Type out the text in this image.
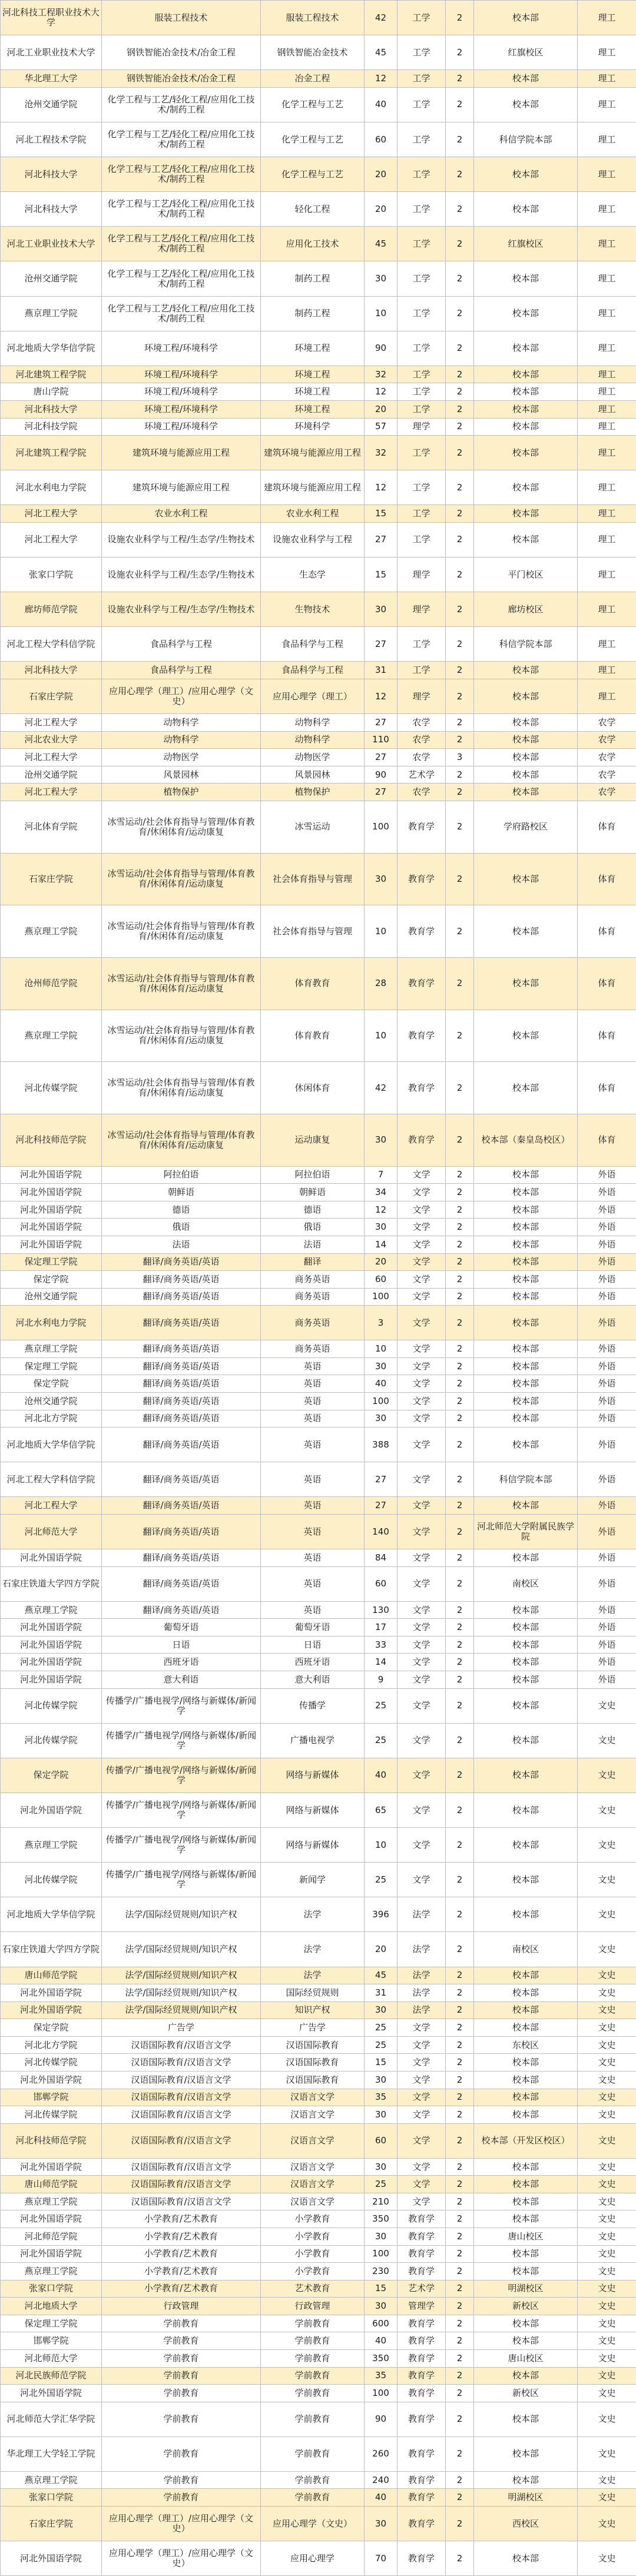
河北科技工程职业技术大学	服装工程技术	服装工程技术	42	工学	2	校本部	理工
河北工业职业技术大学	钢铁智能冶金技术/冶金工程	钢铁智能冶金技术	45	工学	2	红旗校区	理工
华北理工大学	钢铁智能冶金技术/冶金工程	冶金工程	12	工学	2	校本部	理工
沧州交通学院	化学工程与工艺/轻化工程/应用化工技术/制药工程	化学工程与工艺	40	工学	2	校本部	理工
河北工程技术学院	化学工程与工艺/轻化工程/应用化工技术/制药工程	化学工程与工艺	60	工学	2	科信学院本部	理工
河北科技大学	化学工程与工艺/轻化工程/应用化工技术/制药工程	化学工程与工艺	20	工学	2	校本部	理工
河北科技大学	化学工程与工艺/轻化工程/应用化工技术/制药工程	轻化工程	20	工学	2	校本部	理工
河北工业职业技术大学	化学工程与工艺/轻化工程/应用化工技术/制药工程	应用化工技术	45	工学	2	红旗校区	理工
沧州交通学院	化学工程与工艺/轻化工程/应用化工技术/制药工程	制药工程	30	工学	2	校本部	理工
燕京理工学院	化学工程与工艺/轻化工程/应用化工技术/制药工程	制药工程	10	工学	2	校本部	理工
河北地质大学华信学院	环境工程/环境科学	环境工程	90	工学	2	校本部	理工
河北建筑工程学院	环境工程/环境科学	环境工程	32	工学	2	校本部	理工
唐山学院	环境工程/环境科学	环境工程	12	工学	2	校本部	理工
河北科技大学	环境工程/环境科学	环境工程	20	工学	2	校本部	理工
河北科技学院	环境工程/环境科学	环境科学	57	理学	2	校本部	理工
河北建筑工程学院	建筑环境与能源应用工程	建筑环境与能源应用工程	32	工学	2	校本部	理工
河北水利电力学院	建筑环境与能源应用工程	建筑环境与能源应用工程	12	工学	2	校本部	理工
河北工程大学	农业水利工程	农业水利工程	15	工学	2	校本部	理工
河北工程大学	设施农业科学与工程/生态学/生物技术	设施农业科学与工程	27	工学	2	校本部	理工
张家口学院	设施农业科学与工程/生态学/生物技术	生态学	15	理学	2	平门校区	理工
廊坊师范学院	设施农业科学与工程/生态学/生物技术	生物技术	30	理学	2	廊坊校区	理工
河北工程大学科信学院	食品科学与工程	食品科学与工程	27	工学	2	科信学院本部	理工
河北科技大学	食品科学与工程	食品科学与工程	31	工学	2	校本部	理工
石家庄学院	应用心理学（理工）/应用心理学（文史）	应用心理学（理工）	12	理学	2	校本部	理工
河北工程大学	动物科学	动物科学	27	农学	2	校本部	农学
河北农业大学	动物科学	动物科学	110	农学	2	校本部	农学
河北工程大学	动物医学	动物医学	27	农学	3	校本部	农学
沧州交通学院	风景园林	风景园林	90	艺术学	2	校本部	农学
河北工程大学	植物保护	植物保护	27	农学	2	校本部	农学
河北体育学院	冰雪运动/社会体育指导与管理/体育教育/休闲体育/运动康复	冰雪运动	100	教育学	2	学府路校区	体育
石家庄学院	冰雪运动/社会体育指导与管理/体育教育/休闲体育/运动康复	社会体育指导与管理	30	教育学	2	校本部	体育
燕京理工学院	冰雪运动/社会体育指导与管理/体育教育/休闲体育/运动康复	社会体育指导与管理	10	教育学	2	校本部	体育
沧州师范学院	冰雪运动/社会体育指导与管理/体育教育/休闲体育/运动康复	体育教育	28	教育学	2	校本部	体育
燕京理工学院	冰雪运动/社会体育指导与管理/体育教育/休闲体育/运动康复	体育教育	10	教育学	2	校本部	体育
河北传媒学院	冰雪运动/社会体育指导与管理/体育教育/休闲体育/运动康复	休闲体育	42	教育学	2	校本部	体育
河北科技师范学院	冰雪运动/社会体育指导与管理/体育教育/休闲体育/运动康复	运动康复	30	教育学	2	校本部（秦皇岛校区）	体育
河北外国语学院	阿拉伯语	阿拉伯语	7	文学	2	校本部	外语
河北外国语学院	朝鲜语	朝鲜语	34	文学	2	校本部	外语
河北外国语学院	德语	德语	12	文学	2	校本部	外语
河北外国语学院	俄语	俄语	30	文学	2	校本部	外语
河北外国语学院	法语	法语	14	文学	2	校本部	外语
保定理工学院	翻译/商务英语/英语	翻译	20	文学	2	校本部	外语
保定学院	翻译/商务英语/英语	商务英语	60	文学	2	校本部	外语
沧州交通学院	翻译/商务英语/英语	商务英语	100	文学	2	校本部	外语
河北水利电力学院	翻译/商务英语/英语	商务英语	3	文学	2	校本部	外语
燕京理工学院	翻译/商务英语/英语	商务英语	10	文学	2	校本部	外语
保定理工学院	翻译/商务英语/英语	英语	30	文学	2	校本部	外语
保定学院	翻译/商务英语/英语	英语	40	文学	2	校本部	外语
沧州交通学院	翻译/商务英语/英语	英语	100	文学	2	校本部	外语
河北北方学院	翻译/商务英语/英语	英语	30	文学	2	校本部	外语
河北地质大学华信学院	翻译/商务英语/英语	英语	388	文学	2	校本部	外语
河北工程大学科信学院	翻译/商务英语/英语	英语	27	文学	2	科信学院本部	外语
河北工程大学	翻译/商务英语/英语	英语	27	文学	2	校本部	外语
河北师范大学	翻译/商务英语/英语	英语	140	文学	2	河北师范大学附属民族学院	外语
河北外国语学院	翻译/商务英语/英语	英语	84	文学	2	校本部	外语
石家庄铁道大学四方学院	翻译/商务英语/英语	英语	60	文学	2	南校区	外语
燕京理工学院	翻译/商务英语/英语	英语	130	文学	2	校本部	外语
河北外国语学院	葡萄牙语	葡萄牙语	17	文学	2	校本部	外语
河北外国语学院	日语	日语	33	文学	2	校本部	外语
河北外国语学院	西班牙语	西班牙语	14	文学	2	校本部	外语
河北外国语学院	意大利语	意大利语	9	文学	2	校本部	外语
河北传媒学院	传播学/广播电视学/网络与新媒体/新闻学	传播学	25	文学	2	校本部	文史
河北传媒学院	传播学/广播电视学/网络与新媒体/新闻学	广播电视学	25	文学	2	校本部	文史
保定学院	传播学/广播电视学/网络与新媒体/新闻学	网络与新媒体	40	文学	2	校本部	文史
河北外国语学院	传播学/广播电视学/网络与新媒体/新闻学	网络与新媒体	65	文学	2	校本部	文史
燕京理工学院	传播学/广播电视学/网络与新媒体/新闻学	网络与新媒体	10	文学	2	校本部	文史
河北传媒学院	传播学/广播电视学/网络与新媒体/新闻学	新闻学	25	文学	2	校本部	文史
河北地质大学华信学院	法学/国际经贸规则/知识产权	法学	396	法学	2	校本部	文史
石家庄铁道大学四方学院	法学/国际经贸规则/知识产权	法学	20	法学	2	南校区	文史
唐山师范学院	法学/国际经贸规则/知识产权	法学	45	法学	2	校本部	文史
河北外国语学院	法学/国际经贸规则/知识产权	国际经贸规则	31	法学	2	校本部	文史
河北外国语学院	法学/国际经贸规则/知识产权	知识产权	30	法学	2	校本部	文史
保定学院	广告学	广告学	25	文学	2	校本部	文史
河北北方学院	汉语国际教育/汉语言文学	汉语国际教育	25	文学	2	东校区	文史
河北传媒学院	汉语国际教育/汉语言文学	汉语国际教育	15	文学	2	校本部	文史
河北外国语学院	汉语国际教育/汉语言文学	汉语国际教育	30	文学	2	校本部	文史
邯郸学院	汉语国际教育/汉语言文学	汉语言文学	35	文学	2	校本部	文史
河北传媒学院	汉语国际教育/汉语言文学	汉语言文学	30	文学	2	校本部	文史
河北科技师范学院	汉语国际教育/汉语言文学	汉语言文学	60	文学	2	校本部（开发区校区）	文史
河北外国语学院	汉语国际教育/汉语言文学	汉语言文学	30	文学	2	校本部	文史
唐山师范学院	汉语国际教育/汉语言文学	汉语言文学	25	文学	2	校本部	文史
燕京理工学院	汉语国际教育/汉语言文学	汉语言文学	210	文学	2	校本部	文史
河北外国语学院	小学教育/艺术教育	小学教育	350	教育学	2	校本部	文史
河北师范学院	小学教育/艺术教育	小学教育	30	教育学	2	唐山校区	文史
河北外国语学院	小学教育/艺术教育	小学教育	100	教育学	2	校本部	文史
燕京理工学院	小学教育/艺术教育	小学教育	230	教育学	2	校本部	文史
张家口学院	小学教育/艺术教育	艺术教育	15	艺术学	2	明湖校区	文史
河北地质大学	行政管理	行政管理	30	管理学	2	新校区	文史
保定理工学院	学前教育	学前教育	600	教育学	2	校本部	文史
邯郸学院	学前教育	学前教育	40	教育学	2	校本部	文史
河北师范大学	学前教育	学前教育	350	教育学	2	唐山校区	文史
河北民族师范学院	学前教育	学前教育	35	教育学	2	校本部	文史
河北外国语学院	学前教育	学前教育	100	教育学	2	新校区	文史
河北师范大学汇华学院	学前教育	学前教育	90	教育学	2	校本部	文史
华北理工大学轻工学院	学前教育	学前教育	260	教育学	2	校本部	文史
燕京理工学院	学前教育	学前教育	240	教育学	2	校本部	文史
张家口学院	学前教育	学前教育	40	教育学	2	明湖校区	文史
石家庄学院	应用心理学（理工）/应用心理学（文史）	应用心理学（文史）	30	教育学	2	西校区	文史
河北外国语学院	应用心理学（理工）/应用心理学（文史）	应用心理学	70	教育学	2	校本部	文史
